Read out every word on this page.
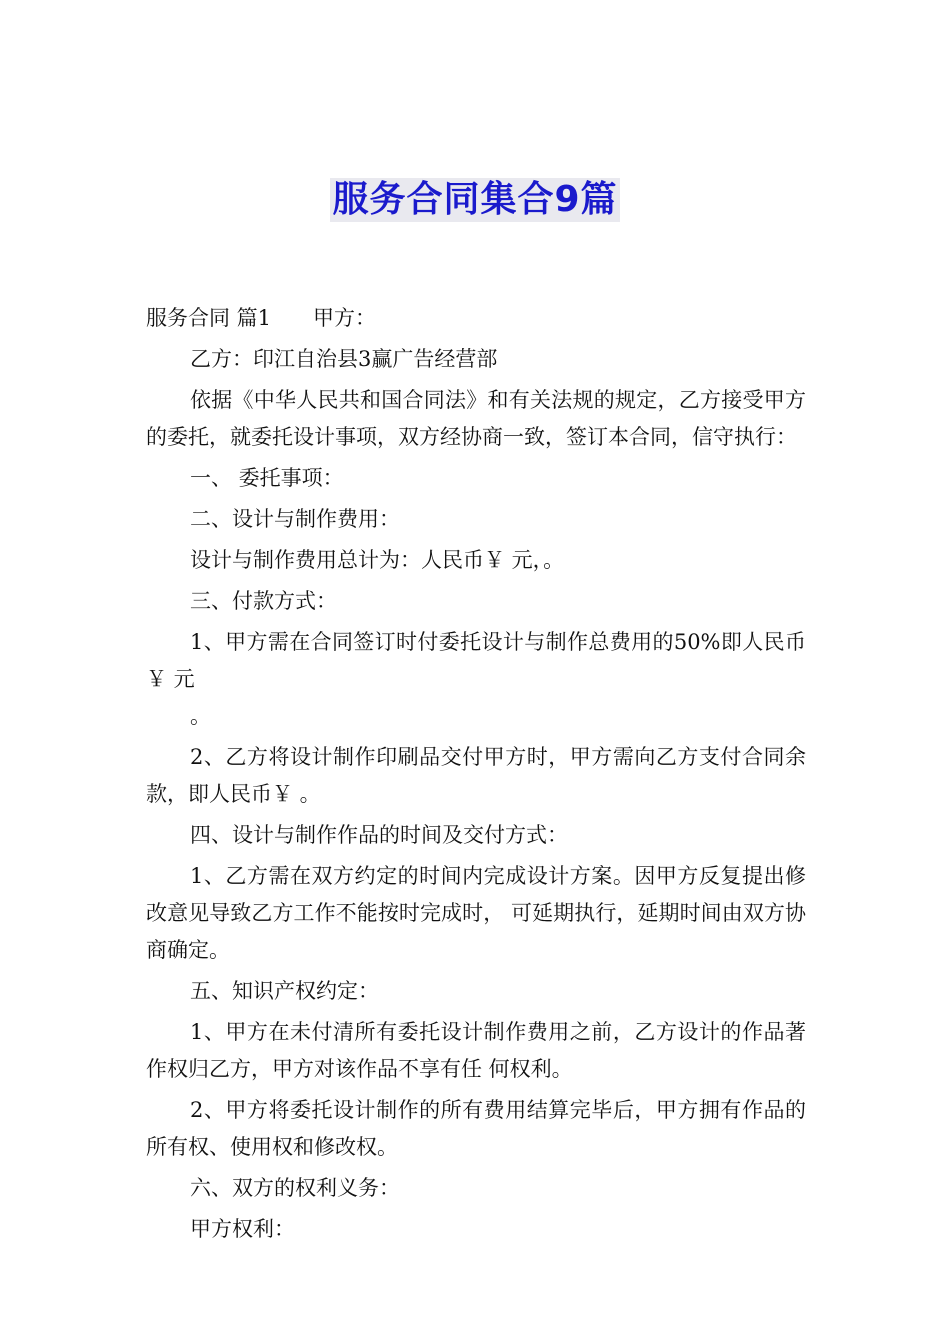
服务合同集合9篇

服务合同 篇1 甲方：

乙方：印江自治县3赢广告经营部

依据《中华人民共和国合同法》和有关法规的规定，乙方接受甲方的委托，就委托设计事项，双方经协商一致，签订本合同，信守执行：

一、 委托事项：

二、设计与制作费用：

设计与制作费用总计为：人民币￥ 元，。

三、付款方式：

1、甲方需在合同签订时付委托设计与制作总费用的50%即人民币 ￥ 元

。

2、乙方将设计制作印刷品交付甲方时，甲方需向乙方支付合同余款，即人民币￥ 。

四、设计与制作作品的时间及交付方式：

1、乙方需在双方约定的时间内完成设计方案。因甲方反复提出修改意见导致乙方工作不能按时完成时， 可延期执行，延期时间由双方协商确定。

五、知识产权约定：

1、甲方在未付清所有委托设计制作费用之前，乙方设计的作品著作权归乙方，甲方对该作品不享有任 何权利。

2、甲方将委托设计制作的所有费用结算完毕后，甲方拥有作品的所有权、使用权和修改权。

六、双方的权利义务：

甲方权利：
